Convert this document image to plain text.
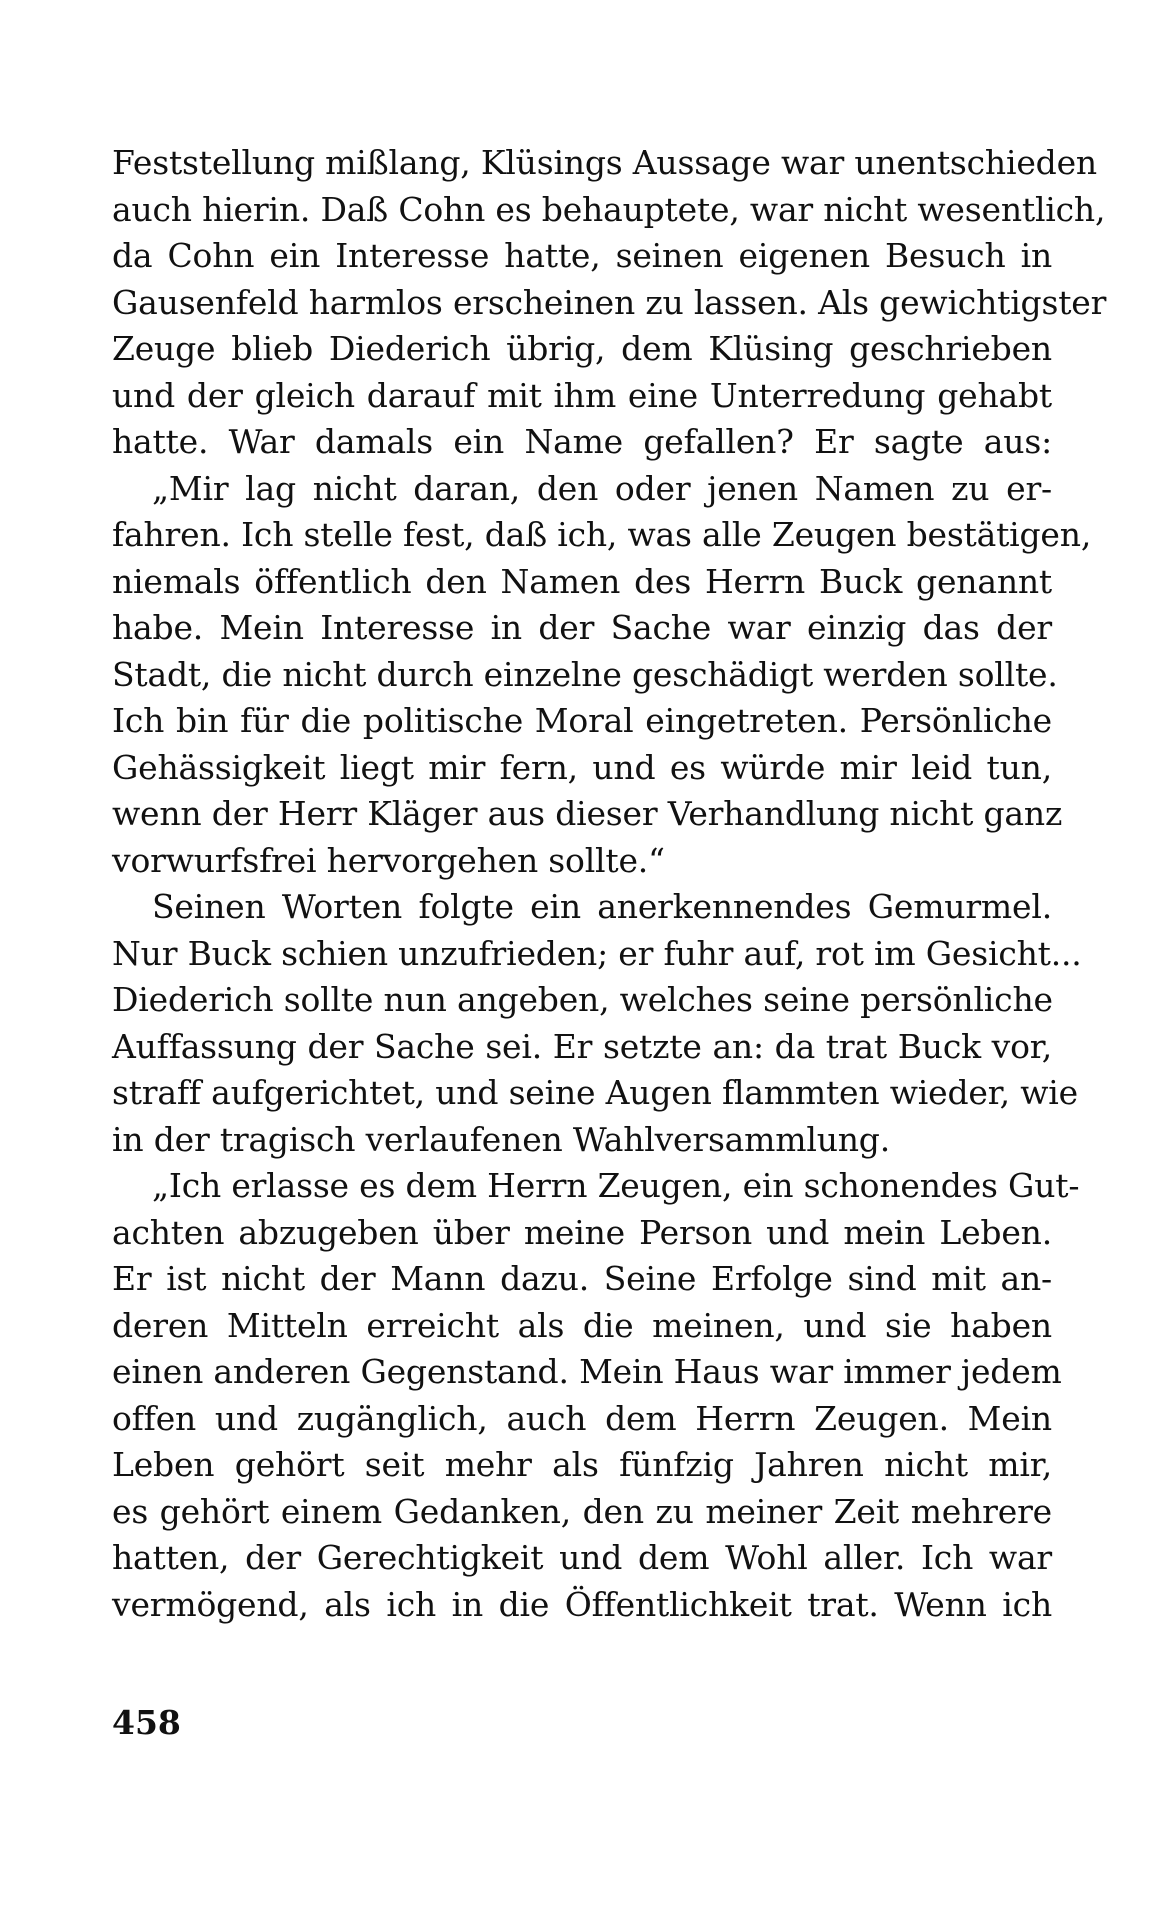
Feststellung mißlang, Klüsings Aussage war unentschieden
auch hierin. Daß Cohn es behauptete, war nicht wesentlich,
da Cohn ein Interesse hatte, seinen eigenen Besuch in
Gausenfeld harmlos erscheinen zu lassen. Als gewichtigster
Zeuge blieb Diederich übrig, dem Klüsing geschrieben
und der gleich darauf mit ihm eine Unterredung gehabt
hatte. War damals ein Name gefallen? Er sagte aus:
„Mir lag nicht daran, den oder jenen Namen zu er-
fahren. Ich stelle fest, daß ich, was alle Zeugen bestätigen,
niemals öffentlich den Namen des Herrn Buck genannt
habe. Mein Interesse in der Sache war einzig das der
Stadt, die nicht durch einzelne geschädigt werden sollte.
Ich bin für die politische Moral eingetreten. Persönliche
Gehässigkeit liegt mir fern, und es würde mir leid tun,
wenn der Herr Kläger aus dieser Verhandlung nicht ganz
vorwurfsfrei hervorgehen sollte.“
Seinen Worten folgte ein anerkennendes Gemurmel.
Nur Buck schien unzufrieden; er fuhr auf, rot im Gesicht...
Diederich sollte nun angeben, welches seine persönliche
Auffassung der Sache sei. Er setzte an: da trat Buck vor,
straff aufgerichtet, und seine Augen flammten wieder, wie
in der tragisch verlaufenen Wahlversammlung.
„Ich erlasse es dem Herrn Zeugen, ein schonendes Gut-
achten abzugeben über meine Person und mein Leben.
Er ist nicht der Mann dazu. Seine Erfolge sind mit an-
deren Mitteln erreicht als die meinen, und sie haben
einen anderen Gegenstand. Mein Haus war immer jedem
offen und zugänglich, auch dem Herrn Zeugen. Mein
Leben gehört seit mehr als fünfzig Jahren nicht mir,
es gehört einem Gedanken, den zu meiner Zeit mehrere
hatten, der Gerechtigkeit und dem Wohl aller. Ich war
vermögend, als ich in die Öffentlichkeit trat. Wenn ich
458
